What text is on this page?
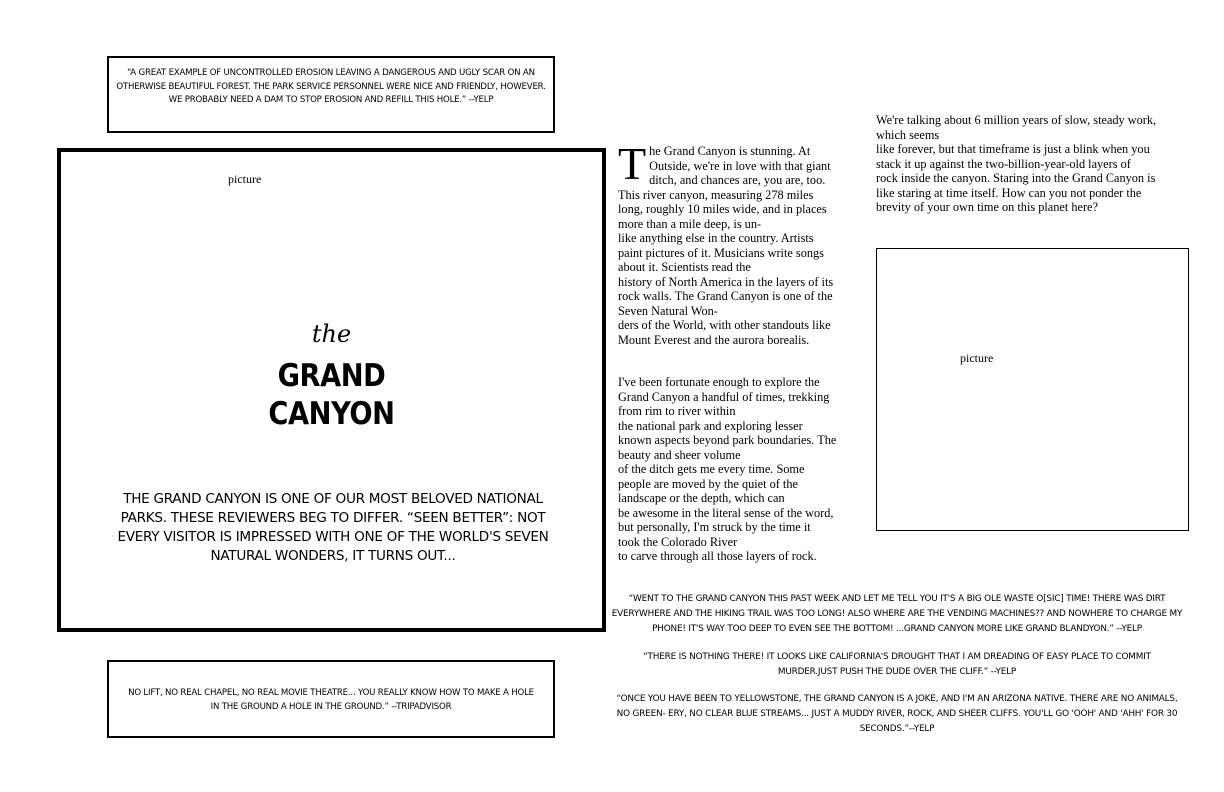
“A GREAT EXAMPLE OF UNCONTROLLED EROSION LEAVING A DANGEROUS AND UGLY SCAR ON AN OTHERWISE BEAUTIFUL FOREST. THE PARK SERVICE PERSONNEL WERE NICE AND FRIENDLY, HOWEVER. WE PROBABLY NEED A DAM TO STOP EROSION AND REFILL THIS HOLE.” --YELP
picture
the
GRAND
CANYON
THE GRAND CANYON IS ONE OF OUR MOST BELOVED NATIONAL PARKS. THESE REVIEWERS BEG TO DIFFER. “SEEN BETTER”: NOT EVERY VISITOR IS IMPRESSED WITH ONE OF THE WORLD'S SEVEN NATURAL WONDERS, IT TURNS OUT...
NO LIFT, NO REAL CHAPEL, NO REAL MOVIE THEATRE... YOU REALLY KNOW HOW TO MAKE A HOLE IN THE GROUND A HOLE IN THE GROUND.” --TRIPADVISOR
T he Grand Canyon is stunning. At
Outside, we're in love with that giant
ditch, and chances are, you are, too.
This river canyon, measuring 278 miles
long, roughly 10 miles wide, and in places
more than a mile deep, is un-
like anything else in the country. Artists
paint pictures of it. Musicians write songs
about it. Scientists read the
history of North America in the layers of its
rock walls. The Grand Canyon is one of the
Seven Natural Won-
ders of the World, with other standouts like
Mount Everest and the aurora borealis.
I've been fortunate enough to explore the
Grand Canyon a handful of times, trekking
from rim to river within
the national park and exploring lesser
known aspects beyond park boundaries. The
beauty and sheer volume
of the ditch gets me every time. Some
people are moved by the quiet of the
landscape or the depth, which can
be awesome in the literal sense of the word,
but personally, I'm struck by the time it
took the Colorado River
to carve through all those layers of rock.
We're talking about 6 million years of slow, steady work,
which seems
like forever, but that timeframe is just a blink when you
stack it up against the two-billion-year-old layers of
rock inside the canyon. Staring into the Grand Canyon is
like staring at time itself. How can you not ponder the
brevity of your own time on this planet here?
picture
“WENT TO THE GRAND CANYON THIS PAST WEEK AND LET ME TELL YOU IT'S A BIG OLE WASTE O[SIC] TIME! THERE WAS DIRT EVERYWHERE AND THE HIKING TRAIL WAS TOO LONG! ALSO WHERE ARE THE VENDING MACHINES?? AND NOWHERE TO CHARGE MY PHONE! IT'S WAY TOO DEEP TO EVEN SEE THE BOTTOM! ...GRAND CANYON MORE LIKE GRAND BLANDYON.” --YELP
“THERE IS NOTHING THERE! IT LOOKS LIKE CALIFORNIA'S DROUGHT THAT I AM DREADING OF EASY PLACE TO COMMIT MURDER.JUST PUSH THE DUDE OVER THE CLIFF.” --YELP
“ONCE YOU HAVE BEEN TO YELLOWSTONE, THE GRAND CANYON IS A JOKE, AND I'M AN ARIZONA NATIVE. THERE ARE NO ANIMALS, NO GREEN- ERY, NO CLEAR BLUE STREAMS... JUST A MUDDY RIVER, ROCK, AND SHEER CLIFFS. YOU'LL GO 'OOH' AND 'AHH' FOR 30 SECONDS.”--YELP
